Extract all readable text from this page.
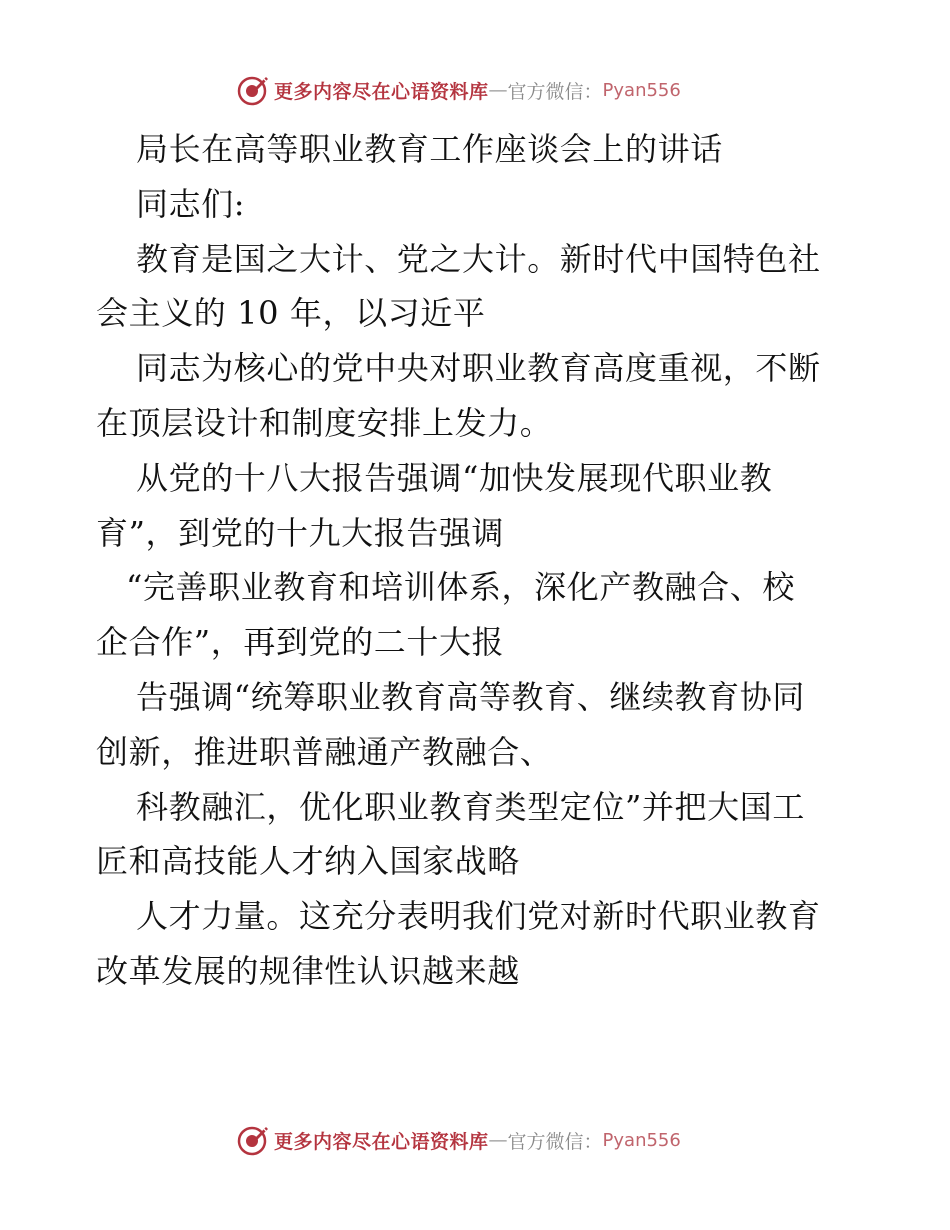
更多内容尽在心语资料库 — 官方微信： Pyan556
局长在高等职业教育工作座谈会上的讲话
同志们:
教育是国之大计、党之大计。新时代中国特色社
会主义的 10 年，以习近平
同志为核心的党中央对职业教育高度重视，不断
在顶层设计和制度安排上发力。
从党的十八大报告强调“加快发展现代职业教
育”，到党的十九大报告强调
“完善职业教育和培训体系，深化产教融合、校
企合作”，再到党的二十大报
告强调“统筹职业教育高等教育、继续教育协同
创新，推进职普融通产教融合、
科教融汇，优化职业教育类型定位”并把大国工
匠和高技能人才纳入国家战略
人才力量。这充分表明我们党对新时代职业教育
改革发展的规律性认识越来越
更多内容尽在心语资料库 — 官方微信： Pyan556
